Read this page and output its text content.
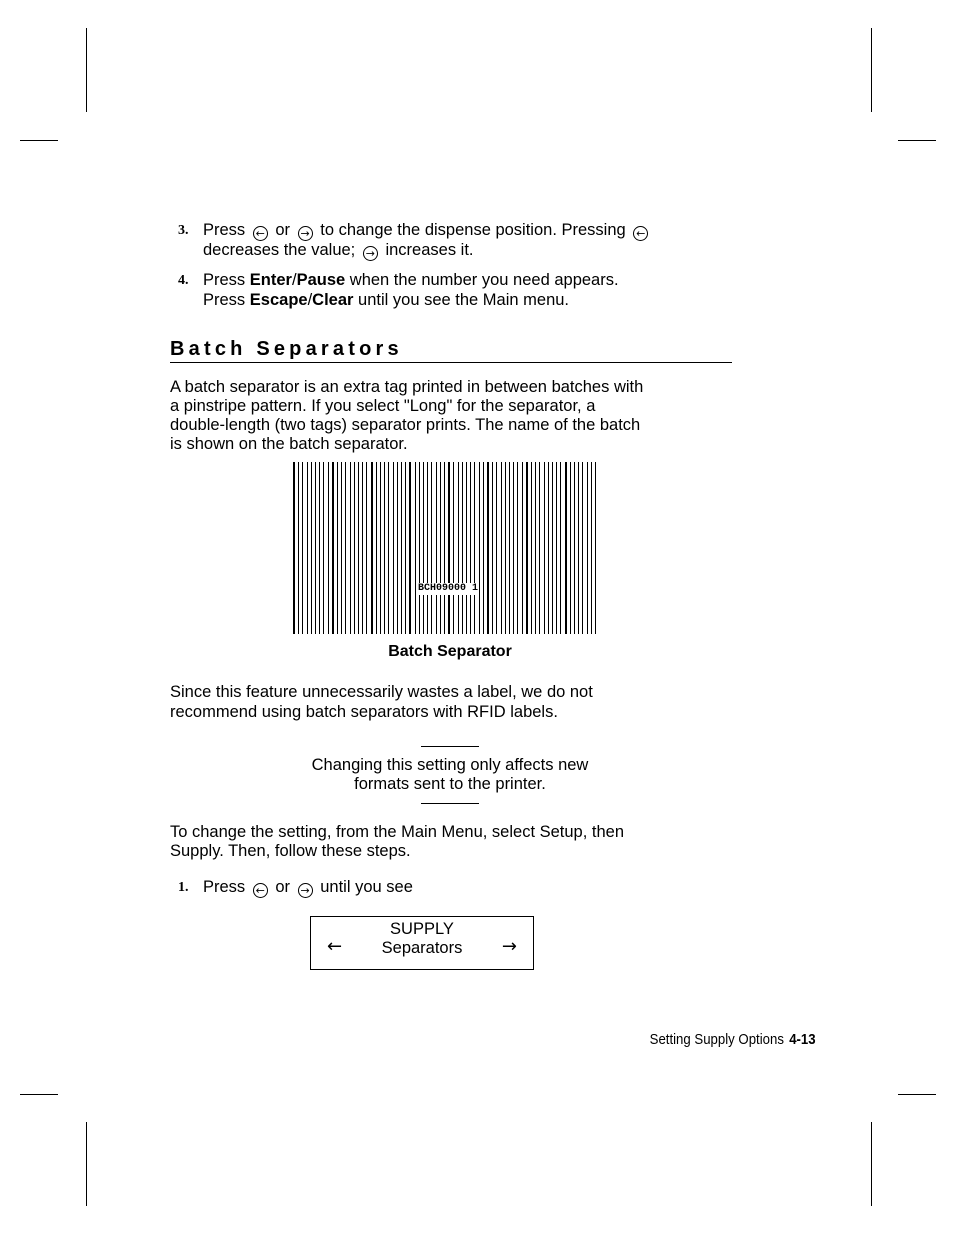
3. Press ← or → to change the dispense position. Pressing ←
decreases the value; → increases it.
4. Press Enter/Pause when the number you need appears.
Press Escape/Clear until you see the Main menu.
Batch Separators
A batch separator is an extra tag printed in between batches with
a pinstripe pattern. If you select "Long" for the separator, a
double-length (two tags) separator prints. The name of the batch
is shown on the batch separator.
BCH09000 1
Batch Separator
Since this feature unnecessarily wastes a label, we do not
recommend using batch separators with RFID labels.
Changing this setting only affects new
formats sent to the printer.
To change the setting, from the Main Menu, select Setup, then
Supply. Then, follow these steps.
1. Press ← or → until you see
SUPPLY
Separators
←	→
Setting Supply Options 4-13
